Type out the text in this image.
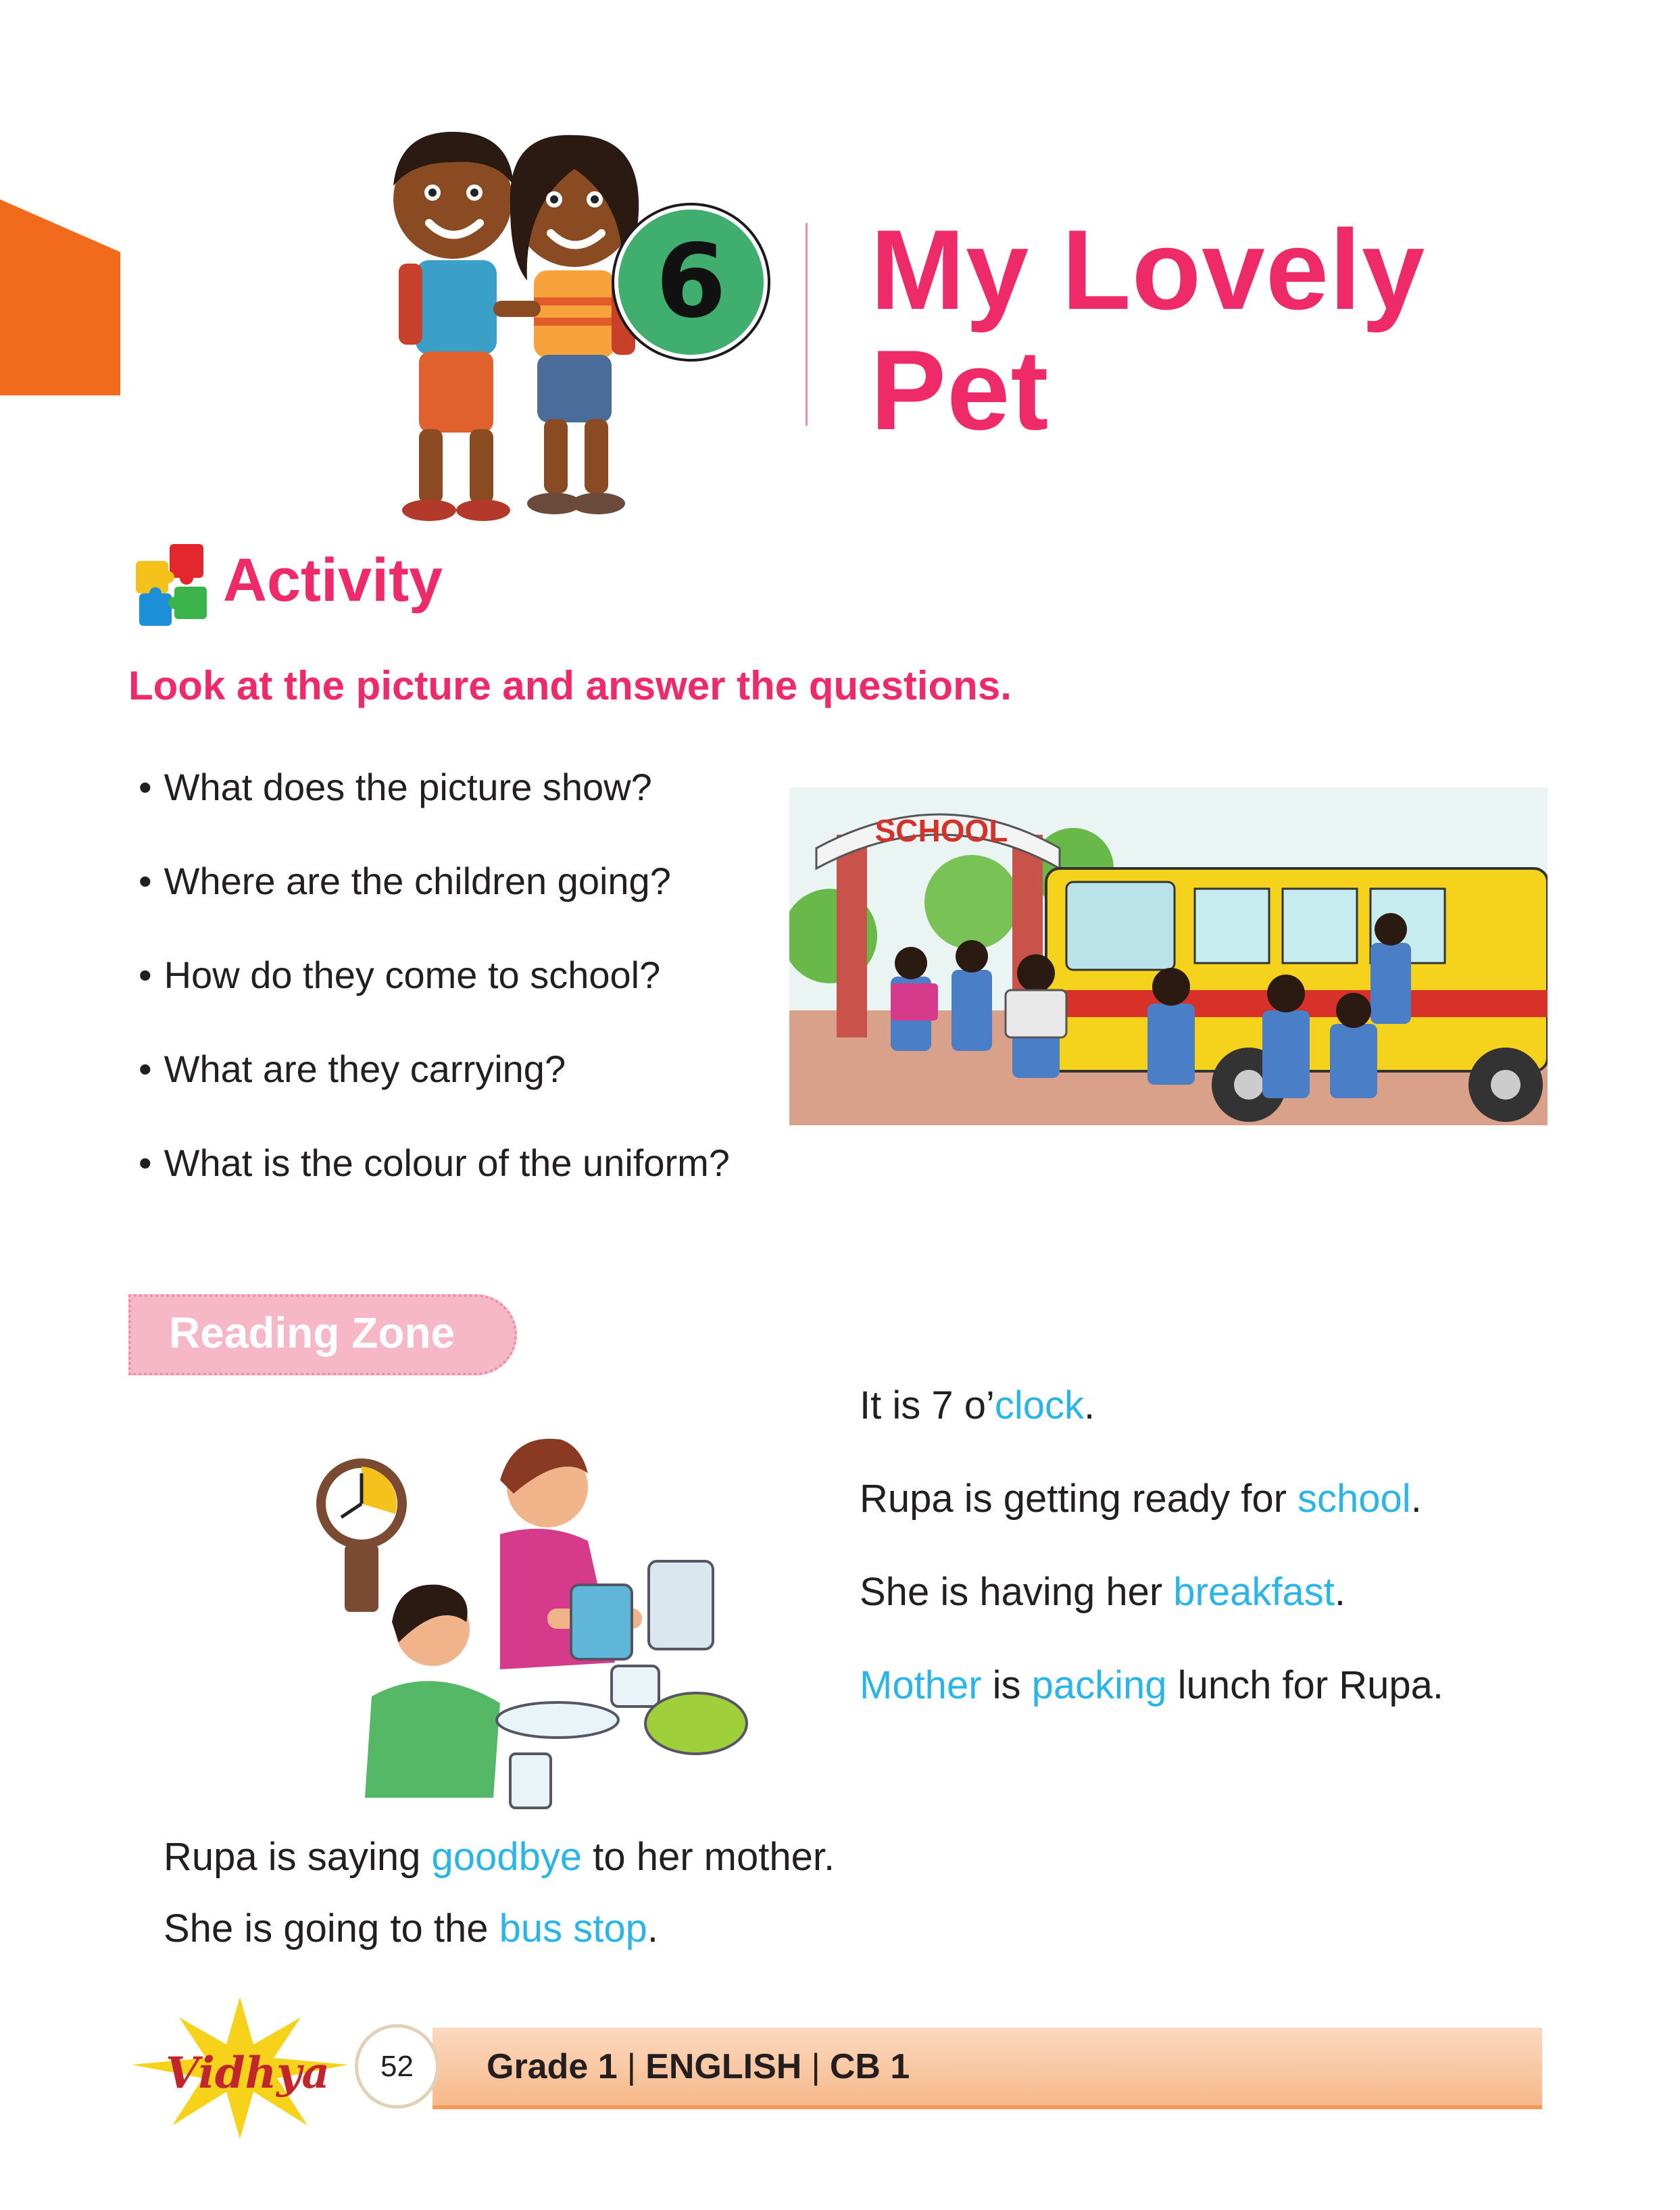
6	My Lovely
Pet
Activity
Look at the picture and answer the questions.
• What does the picture show?
• Where are the children going?
• How do they come to school?
• What are they carrying?
• What is the colour of the uniform?
SCHOOL
Reading Zone
It is 7 o’clock.
Rupa is getting ready for school.
She is having her breakfast.
Mother is packing lunch for Rupa.
Rupa is saying goodbye to her mother.
She is going to the bus stop.
Vidhya	52	Grade 1 | ENGLISH | CB 1
